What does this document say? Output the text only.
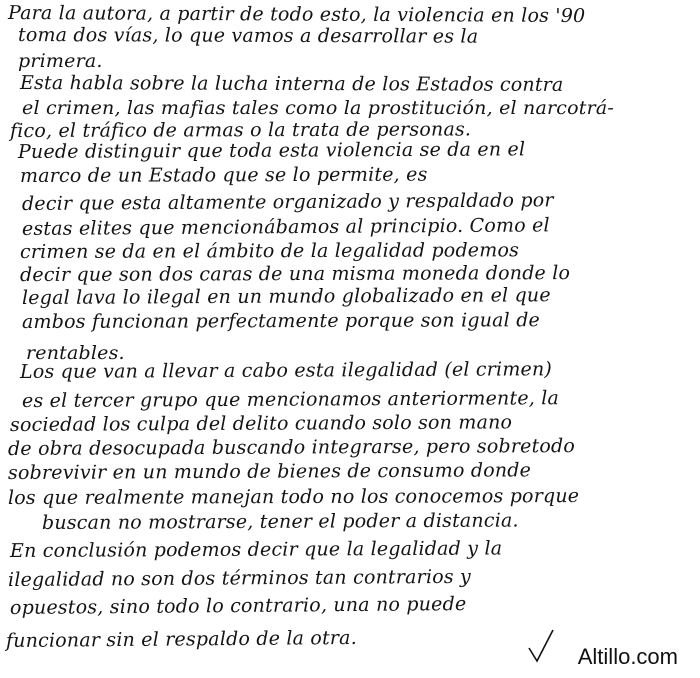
Para la autora, a partir de todo esto, la violencia en los '90
toma dos vías, lo que vamos a desarrollar es la
primera.
Esta habla sobre la lucha interna de los Estados contra
el crimen, las mafias tales como la prostitución, el narcotrá-
fico, el tráfico de armas o la trata de personas.
Puede distinguir que toda esta violencia se da en el
marco de un Estado que se lo permite, es
decir que esta altamente organizado y respaldado por
estas elites que mencionábamos al principio. Como el
crimen se da en el ámbito de la legalidad podemos
decir que son dos caras de una misma moneda donde lo
legal lava lo ilegal en un mundo globalizado en el que
ambos funcionan perfectamente porque son igual de
rentables.
Los que van a llevar a cabo esta ilegalidad (el crimen)
es el tercer grupo que mencionamos anteriormente, la
sociedad los culpa del delito cuando solo son mano
de obra desocupada buscando integrarse, pero sobretodo
sobrevivir en un mundo de bienes de consumo donde
los que realmente manejan todo no los conocemos porque
buscan no mostrarse, tener el poder a distancia.
En conclusión podemos decir que la legalidad y la
ilegalidad no son dos términos tan contrarios y
opuestos, sino todo lo contrario, una no puede
funcionar sin el respaldo de la otra.
Altillo.com
